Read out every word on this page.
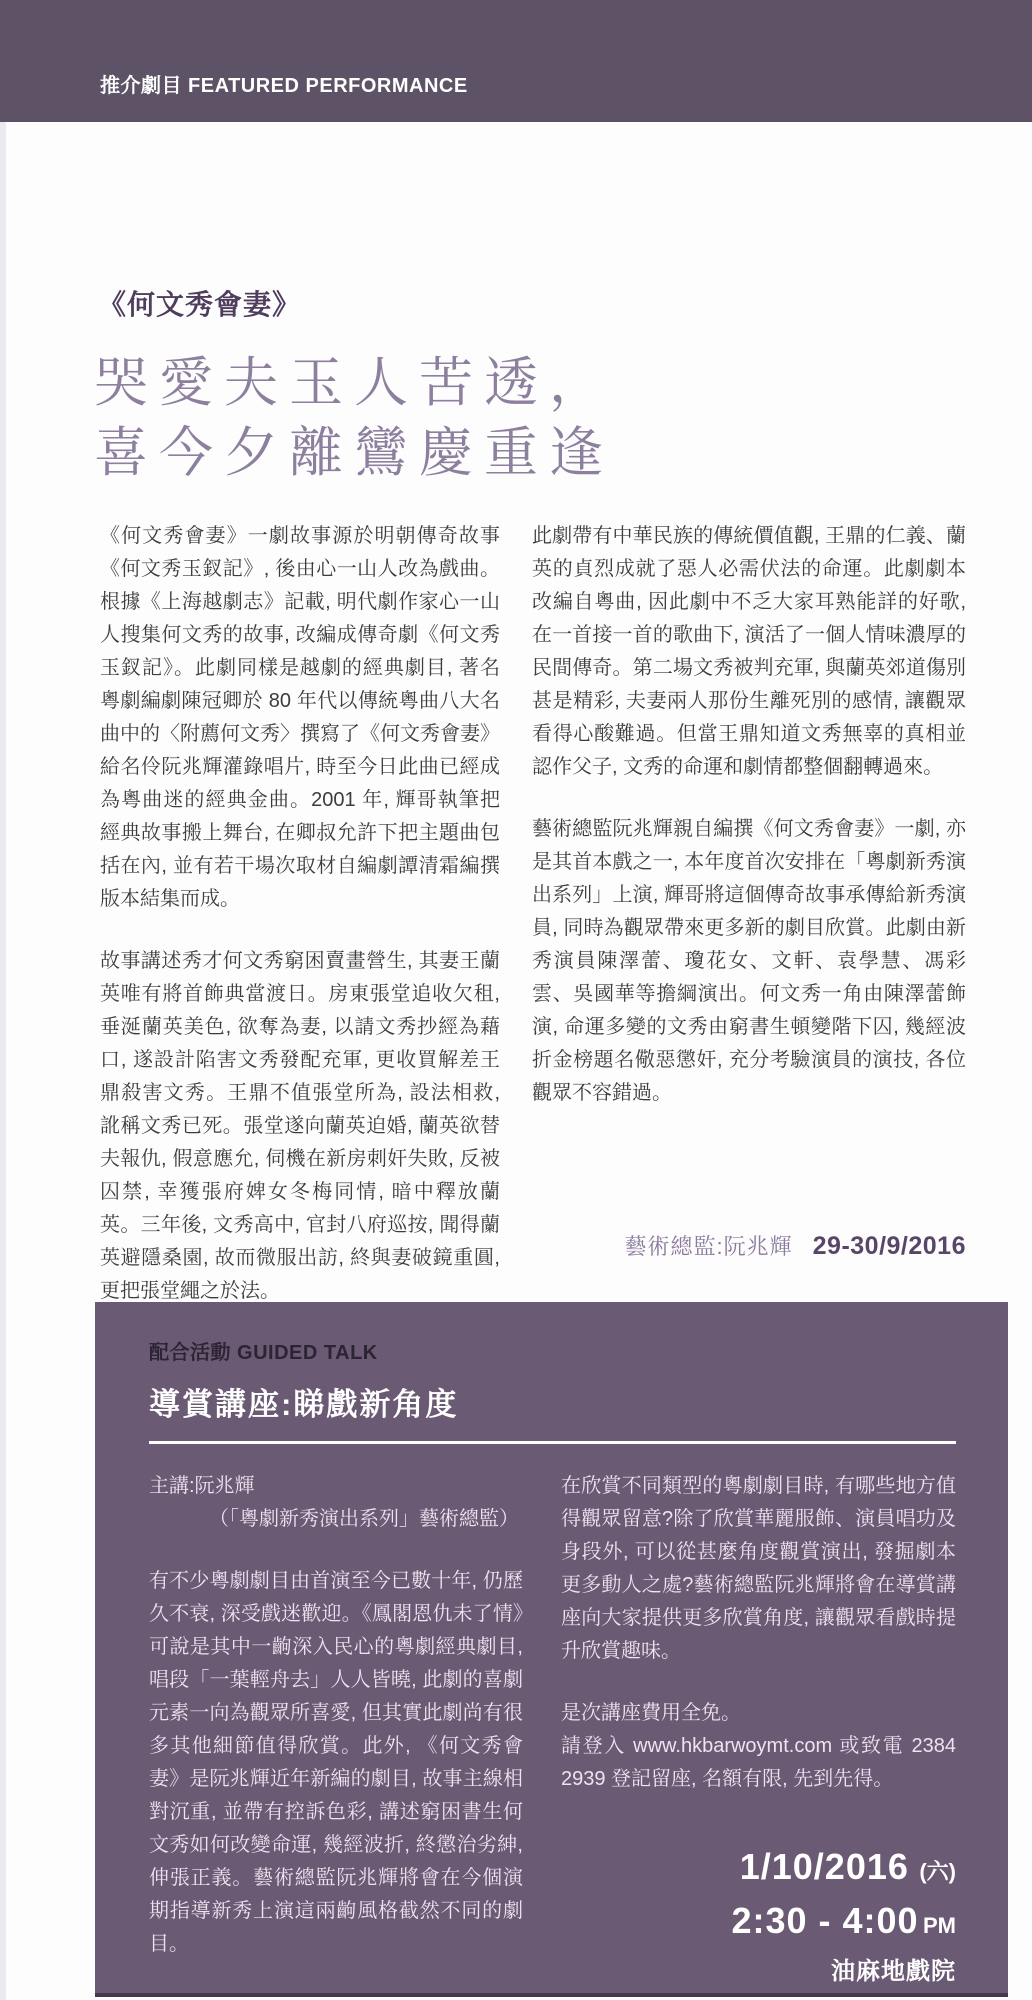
推介劇目 FEATURED PERFORMANCE
《何文秀會妻》
哭愛夫玉人苦透，
喜今夕離鸞慶重逢

《何文秀會妻》一劇故事源於明朝傳奇故事《何文秀玉釵記》, 後由心一山人改為戲曲。根據《上海越劇志》記載, 明代劇作家心一山人搜集何文秀的故事, 改編成傳奇劇《何文秀玉釵記》。此劇同樣是越劇的經典劇目, 著名粵劇編劇陳冠卿於 80 年代以傳統粵曲八大名曲中的〈附薦何文秀〉撰寫了《何文秀會妻》給名伶阮兆輝灌錄唱片, 時至今日此曲已經成為粵曲迷的經典金曲。2001 年, 輝哥執筆把經典故事搬上舞台, 在卿叔允許下把主題曲包括在內, 並有若干場次取材自編劇譚清霜編撰版本結集而成。

故事講述秀才何文秀窮困賣畫營生, 其妻王蘭英唯有將首飾典當渡日。房東張堂追收欠租, 垂涎蘭英美色, 欲奪為妻, 以請文秀抄經為藉口, 遂設計陷害文秀發配充軍, 更收買解差王鼎殺害文秀。王鼎不值張堂所為, 設法相救, 訛稱文秀已死。張堂遂向蘭英迫婚, 蘭英欲替夫報仇, 假意應允, 伺機在新房刺奸失敗, 反被囚禁, 幸獲張府婢女冬梅同情, 暗中釋放蘭英。三年後, 文秀高中, 官封八府巡按, 聞得蘭英避隱桑園, 故而微服出訪, 終與妻破鏡重圓, 更把張堂繩之於法。

此劇帶有中華民族的傳統價值觀, 王鼎的仁義、蘭英的貞烈成就了惡人必需伏法的命運。此劇劇本改編自粵曲, 因此劇中不乏大家耳熟能詳的好歌, 在一首接一首的歌曲下, 演活了一個人情味濃厚的民間傳奇。第二場文秀被判充軍, 與蘭英郊道傷別甚是精彩, 夫妻兩人那份生離死別的感情, 讓觀眾看得心酸難過。但當王鼎知道文秀無辜的真相並認作父子, 文秀的命運和劇情都整個翻轉過來。

藝術總監阮兆輝親自編撰《何文秀會妻》一劇, 亦是其首本戲之一, 本年度首次安排在「粵劇新秀演出系列」上演, 輝哥將這個傳奇故事承傳給新秀演員, 同時為觀眾帶來更多新的劇目欣賞。此劇由新秀演員陳澤蕾、瓊花女、文軒、袁學慧、馮彩雲、吳國華等擔綱演出。何文秀一角由陳澤蕾飾演, 命運多變的文秀由窮書生頓變階下囚, 幾經波折金榜題名儆惡懲奸, 充分考驗演員的演技, 各位觀眾不容錯過。

藝術總監:阮兆輝 29-30/9/2016
配合活動 GUIDED TALK
導賞講座:睇戲新角度
主講:阮兆輝
（「粵劇新秀演出系列」藝術總監）

有不少粵劇劇目由首演至今已數十年, 仍歷久不衰, 深受戲迷歡迎。《鳳閣恩仇未了情》可說是其中一齣深入民心的粵劇經典劇目, 唱段「一葉輕舟去」人人皆曉, 此劇的喜劇元素一向為觀眾所喜愛, 但其實此劇尚有很多其他細節值得欣賞。此外, 《何文秀會妻》是阮兆輝近年新編的劇目, 故事主線相對沉重, 並帶有控訴色彩, 講述窮困書生何文秀如何改變命運, 幾經波折, 終懲治劣紳, 伸張正義。藝術總監阮兆輝將會在今個演期指導新秀上演這兩齣風格截然不同的劇目。

在欣賞不同類型的粵劇劇目時, 有哪些地方值得觀眾留意?除了欣賞華麗服飾、演員唱功及身段外, 可以從甚麼角度觀賞演出, 發掘劇本更多動人之處?藝術總監阮兆輝將會在導賞講座向大家提供更多欣賞角度, 讓觀眾看戲時提升欣賞趣味。

是次講座費用全免。

請登入 www.hkbarwoymt.com 或致電 2384 2939 登記留座, 名額有限, 先到先得。

1/10/2016 (六)
2:30 - 4:00 PM
油麻地戲院
